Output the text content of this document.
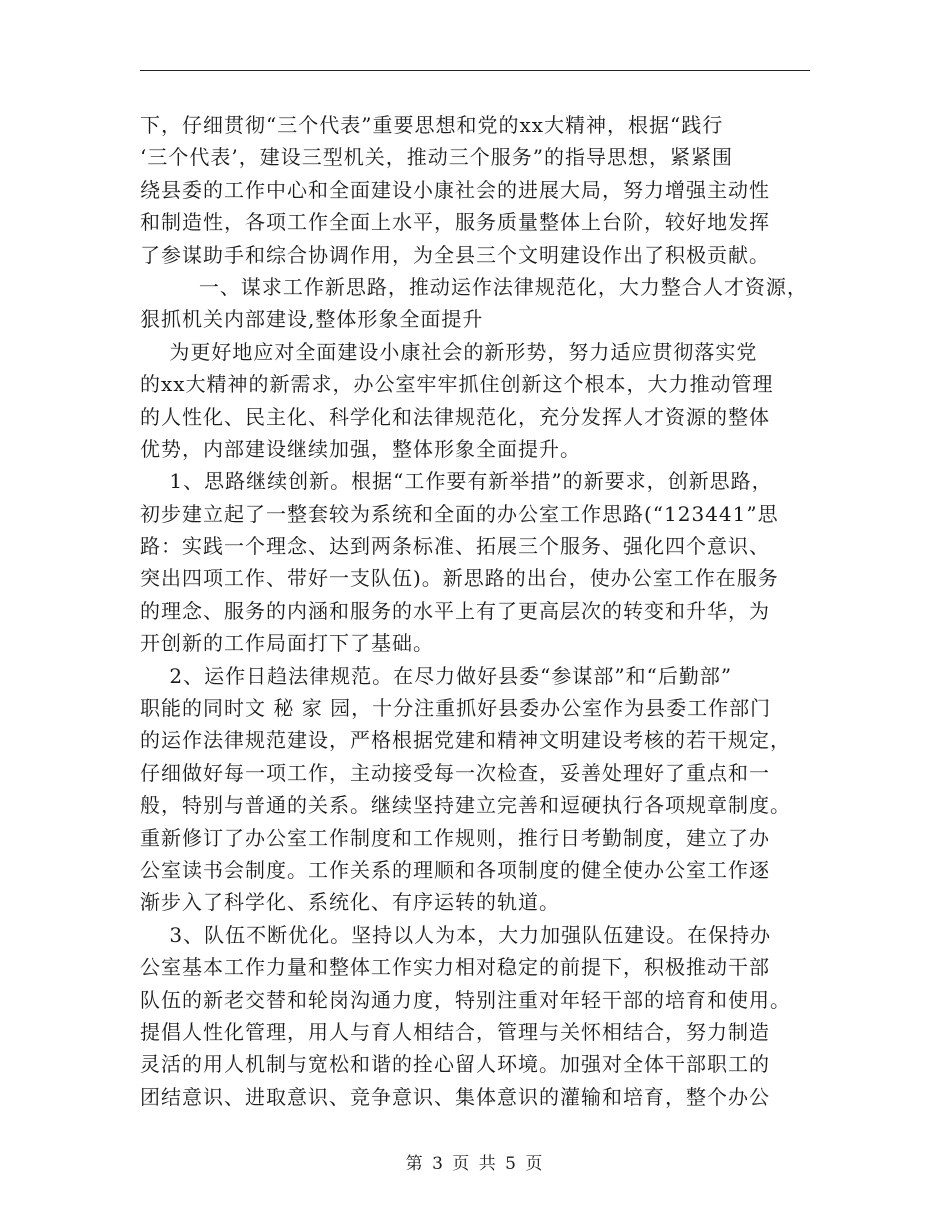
下，仔细贯彻“三个代表”重要思想和党的xx大精神，根据“践行
‘三个代表’，建设三型机关，推动三个服务”的指导思想，紧紧围
绕县委的工作中心和全面建设小康社会的进展大局，努力增强主动性
和制造性，各项工作全面上水平，服务质量整体上台阶，较好地发挥
了参谋助手和综合协调作用，为全县三个文明建设作出了积极贡献。
一、谋求工作新思路，推动运作法律规范化，大力整合人才资源，
狠抓机关内部建设,整体形象全面提升
为更好地应对全面建设小康社会的新形势，努力适应贯彻落实党
的xx大精神的新需求，办公室牢牢抓住创新这个根本，大力推动管理
的人性化、民主化、科学化和法律规范化，充分发挥人才资源的整体
优势，内部建设继续加强，整体形象全面提升。
1、思路继续创新。根据“工作要有新举措”的新要求，创新思路，
初步建立起了一整套较为系统和全面的办公室工作思路(“123441”思
路：实践一个理念、达到两条标准、拓展三个服务、强化四个意识、
突出四项工作、带好一支队伍)。新思路的出台，使办公室工作在服务
的理念、服务的内涵和服务的水平上有了更高层次的转变和升华，为
开创新的工作局面打下了基础。
2、运作日趋法律规范。在尽力做好县委“参谋部”和“后勤部”
职能的同时文 秘 家 园，十分注重抓好县委办公室作为县委工作部门
的运作法律规范建设，严格根据党建和精神文明建设考核的若干规定，
仔细做好每一项工作，主动接受每一次检查，妥善处理好了重点和一
般，特别与普通的关系。继续坚持建立完善和逗硬执行各项规章制度。
重新修订了办公室工作制度和工作规则，推行日考勤制度，建立了办
公室读书会制度。工作关系的理顺和各项制度的健全使办公室工作逐
渐步入了科学化、系统化、有序运转的轨道。
3、队伍不断优化。坚持以人为本，大力加强队伍建设。在保持办
公室基本工作力量和整体工作实力相对稳定的前提下，积极推动干部
队伍的新老交替和轮岗沟通力度，特别注重对年轻干部的培育和使用。
提倡人性化管理，用人与育人相结合，管理与关怀相结合，努力制造
灵活的用人机制与宽松和谐的拴心留人环境。加强对全体干部职工的
团结意识、进取意识、竞争意识、集体意识的灌输和培育，整个办公
第 3 页 共 5 页
